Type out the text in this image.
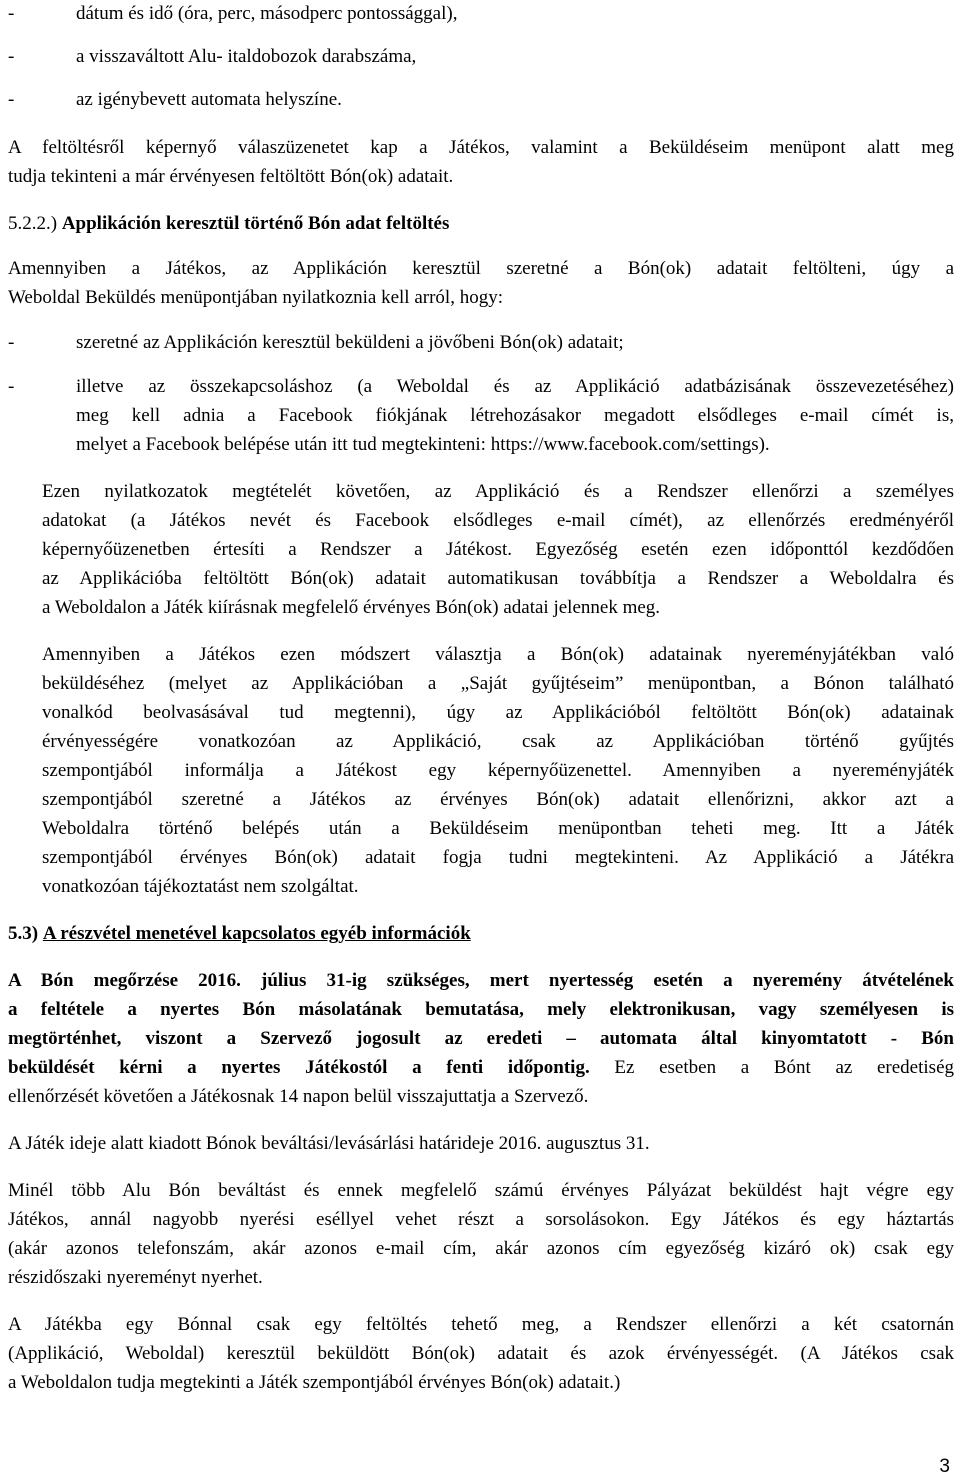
-	dátum és idő (óra, perc, másodperc pontossággal),
-	a visszaváltott Alu- italdobozok darabszáma,
-	az igénybevett automata helyszíne.
A feltöltésről képernyő válaszüzenetet kap a Játékos, valamint a Beküldéseim menüpont alatt meg
tudja tekinteni a már érvényesen feltöltött Bón(ok) adatait.
5.2.2.) Applikáción keresztül történő Bón adat feltöltés
Amennyiben a Játékos, az Applikáción keresztül szeretné a Bón(ok) adatait feltölteni, úgy a
Weboldal Beküldés menüpontjában nyilatkoznia kell arról, hogy:
-	szeretné az Applikáción keresztül beküldeni a jövőbeni Bón(ok) adatait;
-	illetve az összekapcsoláshoz (a Weboldal és az Applikáció adatbázisának összevezetéséhez)
meg kell adnia a Facebook fiókjának létrehozásakor megadott elsődleges e-mail címét is,
melyet a Facebook belépése után itt tud megtekinteni: https://www.facebook.com/settings).
Ezen nyilatkozatok megtételét követően, az Applikáció és a Rendszer ellenőrzi a személyes
adatokat (a Játékos nevét és Facebook elsődleges e-mail címét), az ellenőrzés eredményéről
képernyőüzenetben értesíti a Rendszer a Játékost. Egyezőség esetén ezen időponttól kezdődően
az Applikációba feltöltött Bón(ok) adatait automatikusan továbbítja a Rendszer a Weboldalra és
a Weboldalon a Játék kiírásnak megfelelő érvényes Bón(ok) adatai jelennek meg.
Amennyiben a Játékos ezen módszert választja a Bón(ok) adatainak nyereményjátékban való
beküldéséhez (melyet az Applikációban a „Saját gyűjtéseim” menüpontban, a Bónon található
vonalkód beolvasásával tud megtenni), úgy az Applikációból feltöltött Bón(ok) adatainak
érvényességére vonatkozóan az Applikáció, csak az Applikációban történő gyűjtés
szempontjából informálja a Játékost egy képernyőüzenettel. Amennyiben a nyereményjáték
szempontjából szeretné a Játékos az érvényes Bón(ok) adatait ellenőrizni, akkor azt a
Weboldalra történő belépés után a Beküldéseim menüpontban teheti meg. Itt a Játék
szempontjából érvényes Bón(ok) adatait fogja tudni megtekinteni. Az Applikáció a Játékra
vonatkozóan tájékoztatást nem szolgáltat.
5.3) A részvétel menetével kapcsolatos egyéb információk
A Bón megőrzése 2016. július 31-ig szükséges, mert nyertesség esetén a nyeremény átvételének
a feltétele a nyertes Bón másolatának bemutatása, mely elektronikusan, vagy személyesen is
megtörténhet, viszont a Szervező jogosult az eredeti – automata által kinyomtatott - Bón
beküldését kérni a nyertes Játékostól a fenti időpontig. Ez esetben a Bónt az eredetiség
ellenőrzését követően a Játékosnak 14 napon belül visszajuttatja a Szervező.
A Játék ideje alatt kiadott Bónok beváltási/levásárlási határideje 2016. augusztus 31.
Minél több Alu Bón beváltást és ennek megfelelő számú érvényes Pályázat beküldést hajt végre egy
Játékos, annál nagyobb nyerési eséllyel vehet részt a sorsolásokon. Egy Játékos és egy háztartás
(akár azonos telefonszám, akár azonos e-mail cím, akár azonos cím egyezőség kizáró ok) csak egy
részidőszaki nyereményt nyerhet.
A Játékba egy Bónnal csak egy feltöltés tehető meg, a Rendszer ellenőrzi a két csatornán
(Applikáció, Weboldal) keresztül beküldött Bón(ok) adatait és azok érvényességét. (A Játékos csak
a Weboldalon tudja megtekinti a Játék szempontjából érvényes Bón(ok) adatait.)
3
